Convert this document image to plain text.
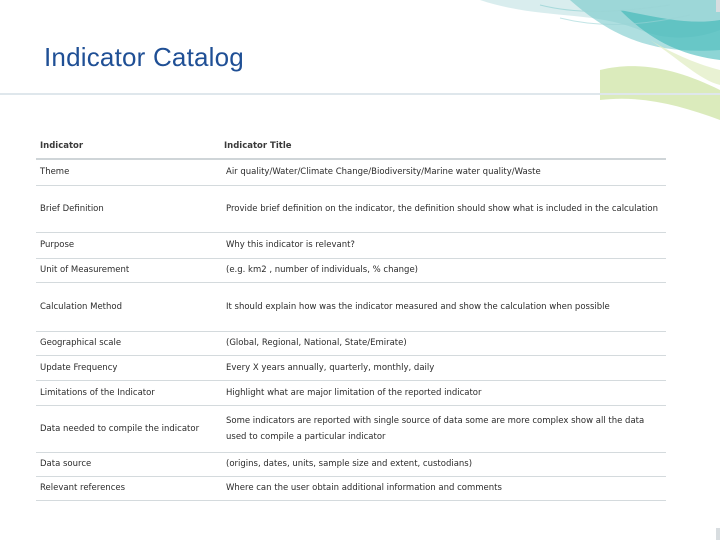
Indicator Catalog
Indicator	Indicator Title
Theme	Air quality/Water/Climate Change/Biodiversity/Marine water quality/Waste
Brief Definition	Provide brief definition on the indicator, the definition should show what is included in the calculation
Purpose	Why this indicator is relevant?
Unit of Measurement	(e.g. km2 , number of individuals, % change)
Calculation Method	It should explain how was the indicator measured and show the calculation when possible
Geographical scale	(Global, Regional, National, State/Emirate)
Update Frequency	Every X years annually, quarterly, monthly, daily
Limitations of the Indicator	Highlight what are major limitation of the reported indicator
Data needed to compile the indicator	Some indicators are reported with single source of data some are more complex show all the data used to compile a particular indicator
Data source	(origins, dates, units, sample size and extent, custodians)
Relevant references	Where can the user obtain additional information and comments
